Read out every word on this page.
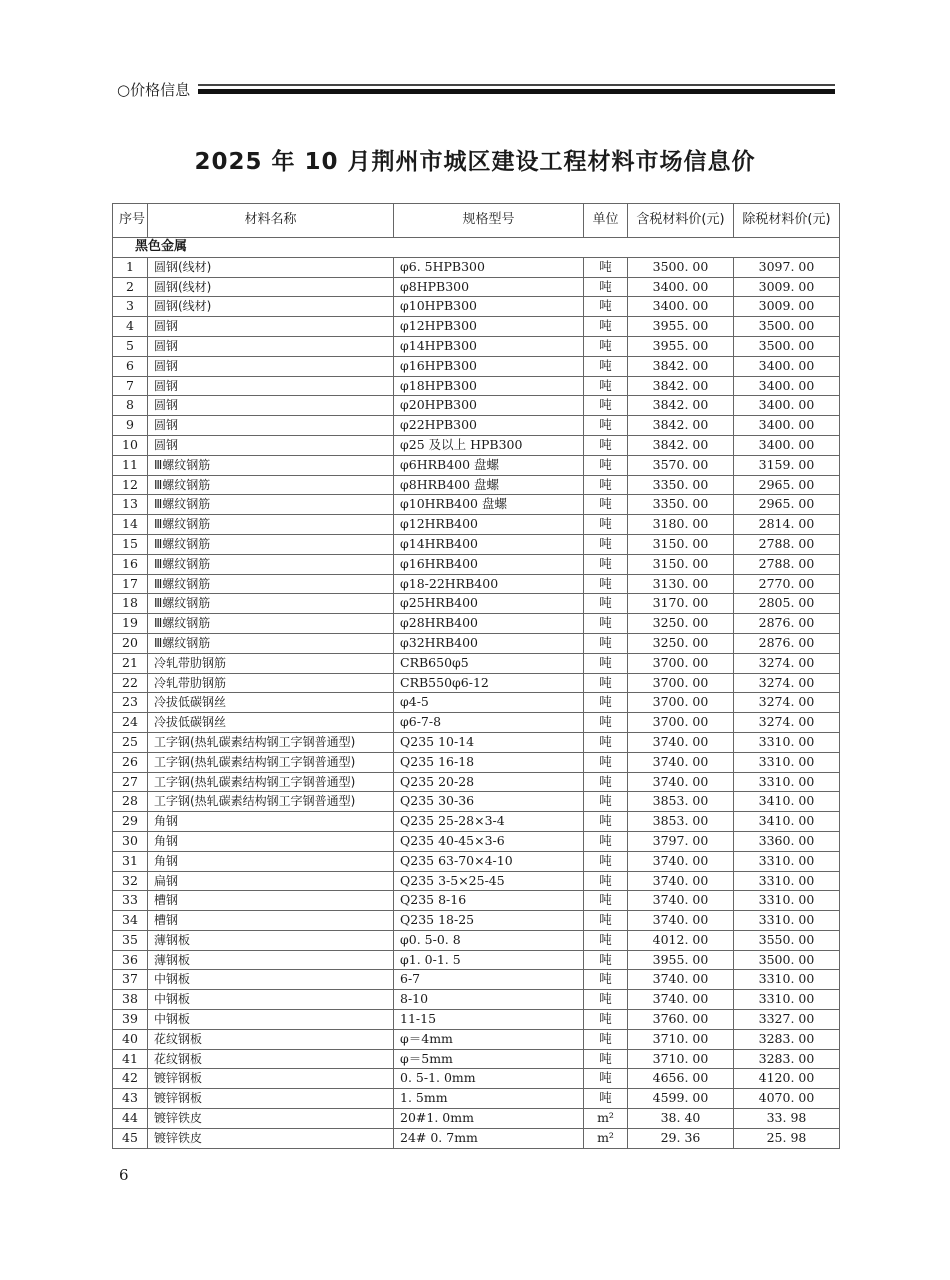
○价格信息
2025 年 10 月荆州市城区建设工程材料市场信息价
序号	材料名称	规格型号	单位	含税材料价(元)	除税材料价(元)
黑色金属					
1	圆钢(线材)	φ6. 5HPB300	吨	3500. 00	3097. 00
2	圆钢(线材)	φ8HPB300	吨	3400. 00	3009. 00
3	圆钢(线材)	φ10HPB300	吨	3400. 00	3009. 00
4	圆钢	φ12HPB300	吨	3955. 00	3500. 00
5	圆钢	φ14HPB300	吨	3955. 00	3500. 00
6	圆钢	φ16HPB300	吨	3842. 00	3400. 00
7	圆钢	φ18HPB300	吨	3842. 00	3400. 00
8	圆钢	φ20HPB300	吨	3842. 00	3400. 00
9	圆钢	φ22HPB300	吨	3842. 00	3400. 00
10	圆钢	φ25 及以上 HPB300	吨	3842. 00	3400. 00
11	Ⅲ螺纹钢筋	φ6HRB400 盘螺	吨	3570. 00	3159. 00
12	Ⅲ螺纹钢筋	φ8HRB400 盘螺	吨	3350. 00	2965. 00
13	Ⅲ螺纹钢筋	φ10HRB400 盘螺	吨	3350. 00	2965. 00
14	Ⅲ螺纹钢筋	φ12HRB400	吨	3180. 00	2814. 00
15	Ⅲ螺纹钢筋	φ14HRB400	吨	3150. 00	2788. 00
16	Ⅲ螺纹钢筋	φ16HRB400	吨	3150. 00	2788. 00
17	Ⅲ螺纹钢筋	φ18-22HRB400	吨	3130. 00	2770. 00
18	Ⅲ螺纹钢筋	φ25HRB400	吨	3170. 00	2805. 00
19	Ⅲ螺纹钢筋	φ28HRB400	吨	3250. 00	2876. 00
20	Ⅲ螺纹钢筋	φ32HRB400	吨	3250. 00	2876. 00
21	冷轧带肋钢筋	CRB650φ5	吨	3700. 00	3274. 00
22	冷轧带肋钢筋	CRB550φ6-12	吨	3700. 00	3274. 00
23	冷拔低碳钢丝	φ4-5	吨	3700. 00	3274. 00
24	冷拔低碳钢丝	φ6-7-8	吨	3700. 00	3274. 00
25	工字钢(热轧碳素结构钢工字钢普通型)	Q235 10-14	吨	3740. 00	3310. 00
26	工字钢(热轧碳素结构钢工字钢普通型)	Q235 16-18	吨	3740. 00	3310. 00
27	工字钢(热轧碳素结构钢工字钢普通型)	Q235 20-28	吨	3740. 00	3310. 00
28	工字钢(热轧碳素结构钢工字钢普通型)	Q235 30-36	吨	3853. 00	3410. 00
29	角钢	Q235 25-28×3-4	吨	3853. 00	3410. 00
30	角钢	Q235 40-45×3-6	吨	3797. 00	3360. 00
31	角钢	Q235 63-70×4-10	吨	3740. 00	3310. 00
32	扁钢	Q235 3-5×25-45	吨	3740. 00	3310. 00
33	槽钢	Q235 8-16	吨	3740. 00	3310. 00
34	槽钢	Q235 18-25	吨	3740. 00	3310. 00
35	薄钢板	φ0. 5-0. 8	吨	4012. 00	3550. 00
36	薄钢板	φ1. 0-1. 5	吨	3955. 00	3500. 00
37	中钢板	6-7	吨	3740. 00	3310. 00
38	中钢板	8-10	吨	3740. 00	3310. 00
39	中钢板	11-15	吨	3760. 00	3327. 00
40	花纹钢板	φ＝4mm	吨	3710. 00	3283. 00
41	花纹钢板	φ＝5mm	吨	3710. 00	3283. 00
42	镀锌钢板	0. 5-1. 0mm	吨	4656. 00	4120. 00
43	镀锌钢板	1. 5mm	吨	4599. 00	4070. 00
44	镀锌铁皮	20#1. 0mm	m²	38. 40	33. 98
45	镀锌铁皮	24# 0. 7mm	m²	29. 36	25. 98
6
